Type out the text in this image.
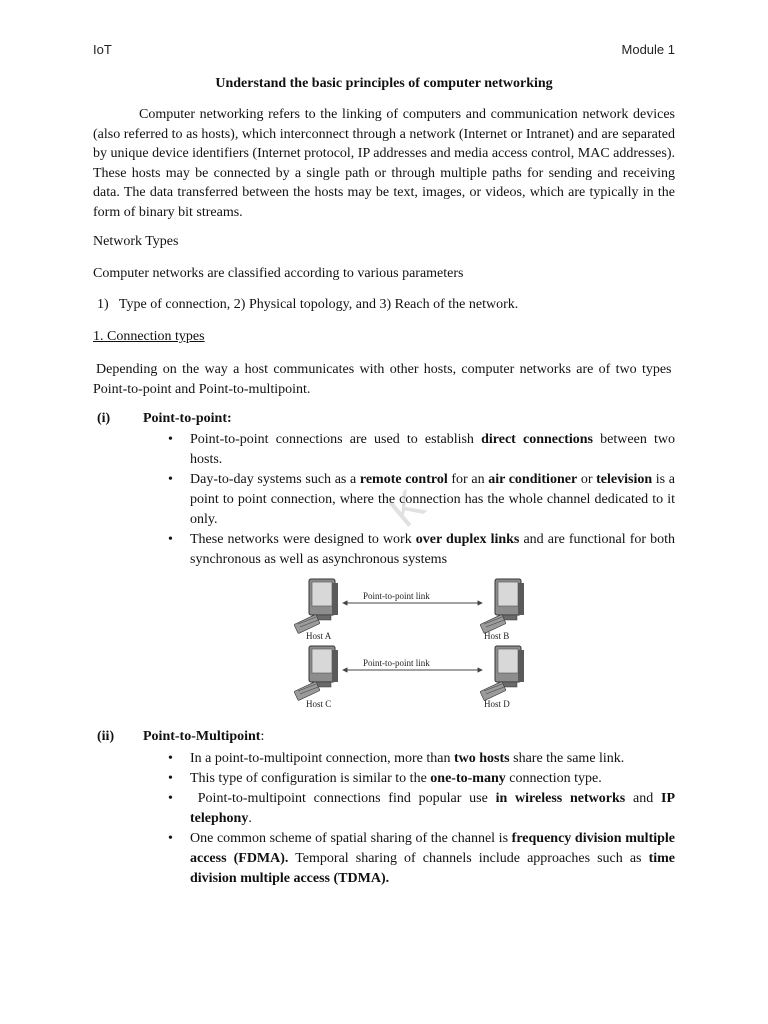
IoT	Module 1
Understand the basic principles of computer networking
Computer networking refers to the linking of computers and communication network devices (also referred to as hosts), which interconnect through a network (Internet or Intranet) and are separated by unique device identifiers (Internet protocol, IP addresses and media access control, MAC addresses). These hosts may be connected by a single path or through multiple paths for sending and receiving data. The data transferred between the hosts may be text, images, or videos, which are typically in the form of binary bit streams.
Network Types
Computer networks are classified according to various parameters
1)   Type of connection, 2) Physical topology, and 3) Reach of the network.
1. Connection types
Depending on the way a host communicates with other hosts, computer networks are of two types  Point-to-point and Point-to-multipoint.
(i) Point-to-point:
• Point-to-point connections are used to establish direct connections between two hosts.
• Day-to-day systems such as a remote control for an air conditioner or television is a point to point connection, where the connection has the whole channel dedicated to it only.
• These networks were designed to work over duplex links and are functional for both synchronous as well as asynchronous systems
K
Point-to-point link
Point-to-point link
Host A	Host B
Host C	Host D
(ii) Point-to-Multipoint:
• In a point-to-multipoint connection, more than two hosts share the same link.
• This type of configuration is similar to the one-to-many connection type.
• Point-to-multipoint connections find popular use in wireless networks and IP telephony.
• One common scheme of spatial sharing of the channel is frequency division multiple access (FDMA). Temporal sharing of channels include approaches such as time division multiple access (TDMA).
